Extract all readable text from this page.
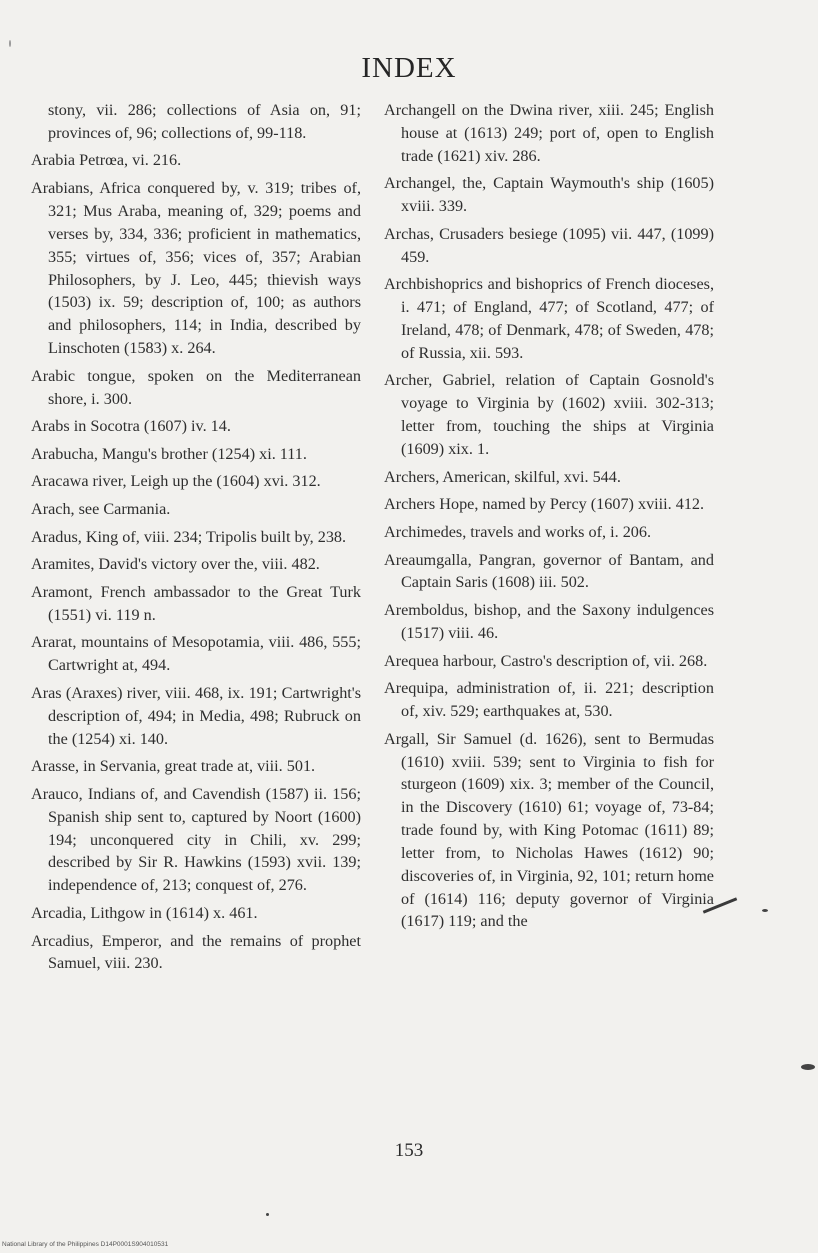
INDEX

stony, vii. 286; collections of Asia on, 91; provinces of, 96; collections of, 99-118.

Arabia Petrœa, vi. 216.

Arabians, Africa conquered by, v. 319; tribes of, 321; Mus Araba, meaning of, 329; poems and verses by, 334, 336; proficient in mathematics, 355; virtues of, 356; vices of, 357; Arabian Philosophers, by J. Leo, 445; thievish ways (1503) ix. 59; description of, 100; as authors and philosophers, 114; in India, described by Linschoten (1583) x. 264.

Arabic tongue, spoken on the Mediterranean shore, i. 300.

Arabs in Socotra (1607) iv. 14.

Arabucha, Mangu's brother (1254) xi. 111.

Aracawa river, Leigh up the (1604) xvi. 312.

Arach, see Carmania.

Aradus, King of, viii. 234; Tripolis built by, 238.

Aramites, David's victory over the, viii. 482.

Aramont, French ambassador to the Great Turk (1551) vi. 119 n.

Ararat, mountains of Mesopotamia, viii. 486, 555; Cartwright at, 494.

Aras (Araxes) river, viii. 468, ix. 191; Cartwright's description of, 494; in Media, 498; Rubruck on the (1254) xi. 140.

Arasse, in Servania, great trade at, viii. 501.

Arauco, Indians of, and Cavendish (1587) ii. 156; Spanish ship sent to, captured by Noort (1600) 194; unconquered city in Chili, xv. 299; described by Sir R. Hawkins (1593) xvii. 139; independence of, 213; conquest of, 276.

Arcadia, Lithgow in (1614) x. 461.

Arcadius, Emperor, and the remains of prophet Samuel, viii. 230.

Archangell on the Dwina river, xiii. 245; English house at (1613) 249; port of, open to English trade (1621) xiv. 286.

Archangel, the, Captain Waymouth's ship (1605) xviii. 339.

Archas, Crusaders besiege (1095) vii. 447, (1099) 459.

Archbishoprics and bishoprics of French dioceses, i. 471; of England, 477; of Scotland, 477; of Ireland, 478; of Denmark, 478; of Sweden, 478; of Russia, xii. 593.

Archer, Gabriel, relation of Captain Gosnold's voyage to Virginia by (1602) xviii. 302-313; letter from, touching the ships at Virginia (1609) xix. 1.

Archers, American, skilful, xvi. 544.

Archers Hope, named by Percy (1607) xviii. 412.

Archimedes, travels and works of, i. 206.

Areaumgalla, Pangran, governor of Bantam, and Captain Saris (1608) iii. 502.

Aremboldus, bishop, and the Saxony indulgences (1517) viii. 46.

Arequea harbour, Castro's description of, vii. 268.

Arequipa, administration of, ii. 221; description of, xiv. 529; earthquakes at, 530.

Argall, Sir Samuel (d. 1626), sent to Bermudas (1610) xviii. 539; sent to Virginia to fish for sturgeon (1609) xix. 3; member of the Council, in the Discovery (1610) 61; voyage of, 73-84; trade found by, with King Potomac (1611) 89; letter from, to Nicholas Hawes (1612) 90; discoveries of, in Virginia, 92, 101; return home of (1614) 116; deputy governor of Virginia (1617) 119; and the

153
National Library of the Philippines D14P0001S904010531
